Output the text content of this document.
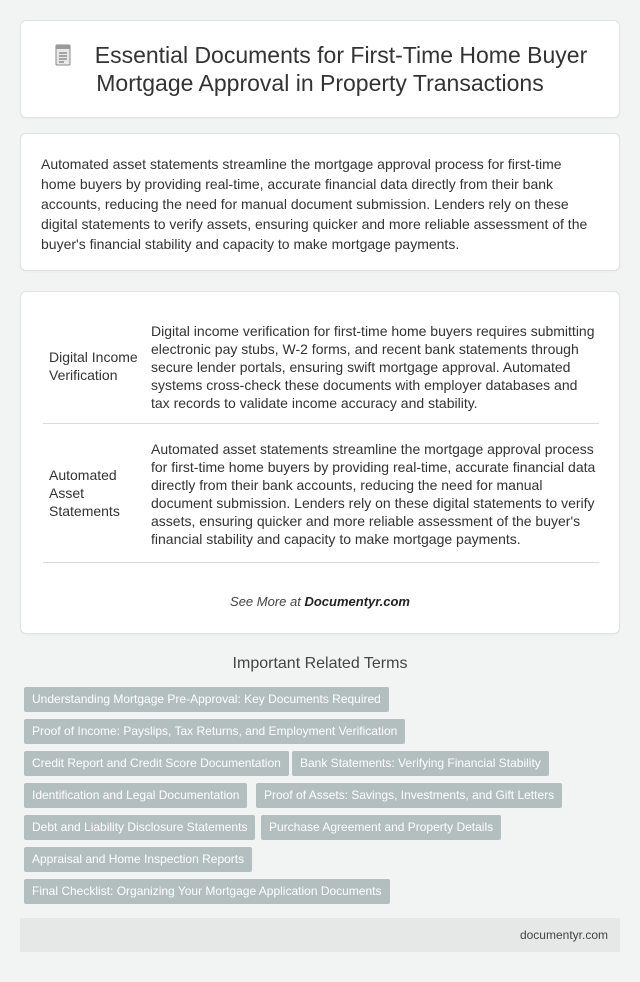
Essential Documents for First-Time Home Buyer Mortgage Approval in Property Transactions

Automated asset statements streamline the mortgage approval process for first-time home buyers by providing real-time, accurate financial data directly from their bank accounts, reducing the need for manual document submission. Lenders rely on these digital statements to verify assets, ensuring quicker and more reliable assessment of the buyer's financial stability and capacity to make mortgage payments.

Digital Income Verification	Digital income verification for first-time home buyers requires submitting electronic pay stubs, W-2 forms, and recent bank statements through secure lender portals, ensuring swift mortgage approval. Automated systems cross-check these documents with employer databases and tax records to validate income accuracy and stability.
Automated Asset Statements	Automated asset statements streamline the mortgage approval process for first-time home buyers by providing real-time, accurate financial data directly from their bank accounts, reducing the need for manual document submission. Lenders rely on these digital statements to verify assets, ensuring quicker and more reliable assessment of the buyer's financial stability and capacity to make mortgage payments.
See More at Documentyr.com
Important Related Terms
Understanding Mortgage Pre-Approval: Key Documents Required
Proof of Income: Payslips, Tax Returns, and Employment Verification
Credit Report and Credit Score Documentation	Bank Statements: Verifying Financial Stability
Identification and Legal Documentation	Proof of Assets: Savings, Investments, and Gift Letters
Debt and Liability Disclosure Statements	Purchase Agreement and Property Details
Appraisal and Home Inspection Reports
Final Checklist: Organizing Your Mortgage Application Documents
documentyr.com
